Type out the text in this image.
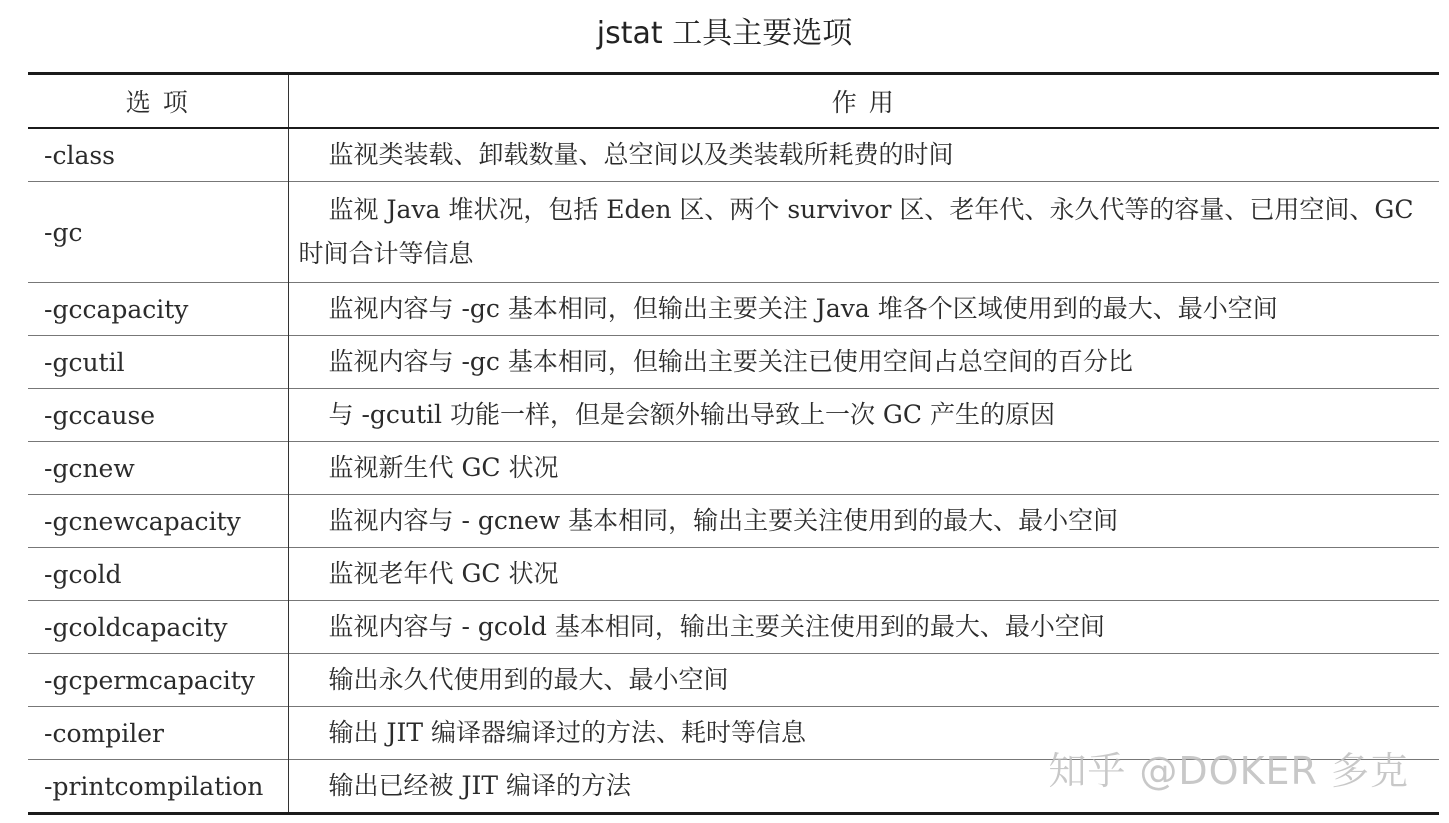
jstat 工具主要选项
选 项	作 用
-class	监视类装载、卸载数量、总空间以及类装载所耗费的时间
-gc	监视 Java 堆状况，包括 Eden 区、两个 survivor 区、老年代、永久代等的容量、已用空间、GC 时间合计等信息
-gccapacity	监视内容与 -gc 基本相同，但输出主要关注 Java 堆各个区域使用到的最大、最小空间
-gcutil	监视内容与 -gc 基本相同，但输出主要关注已使用空间占总空间的百分比
-gccause	与 -gcutil 功能一样，但是会额外输出导致上一次 GC 产生的原因
-gcnew	监视新生代 GC 状况
-gcnewcapacity	监视内容与 - gcnew 基本相同，输出主要关注使用到的最大、最小空间
-gcold	监视老年代 GC 状况
-gcoldcapacity	监视内容与 - gcold 基本相同，输出主要关注使用到的最大、最小空间
-gcpermcapacity	输出永久代使用到的最大、最小空间
-compiler	输出 JIT 编译器编译过的方法、耗时等信息
-printcompilation	输出已经被 JIT 编译的方法	知乎 @DOKER 多克
